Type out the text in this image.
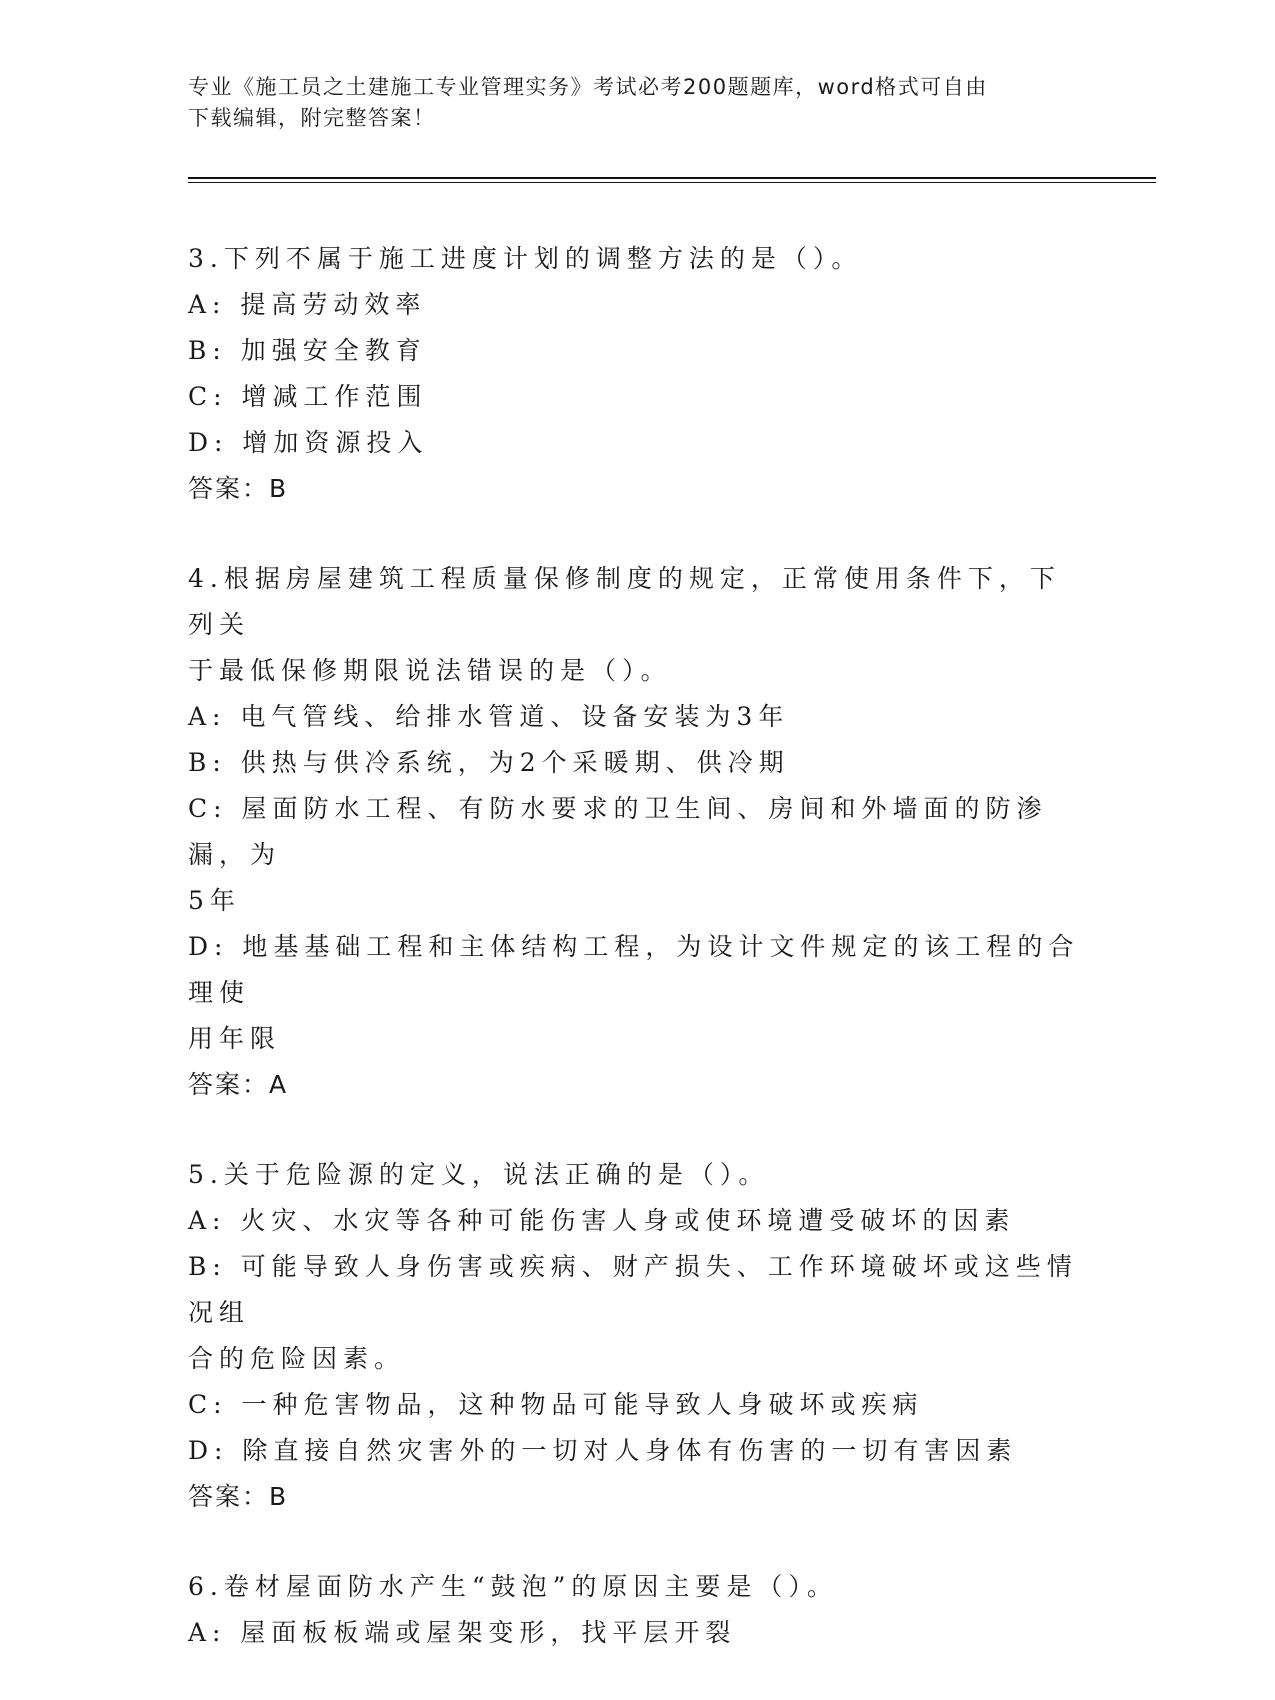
专业《施工员之土建施工专业管理实务》考试必考200题题库，word格式可自由
下载编辑，附完整答案！
3.下列不属于施工进度计划的调整方法的是（）。
A: 提高劳动效率
B: 加强安全教育
C: 增减工作范围
D: 增加资源投入
答案：B
4.根据房屋建筑工程质量保修制度的规定，正常使用条件下，下列关
于最低保修期限说法错误的是（）。
A: 电气管线、给排水管道、设备安装为3年
B: 供热与供冷系统，为2个采暖期、供冷期
C: 屋面防水工程、有防水要求的卫生间、房间和外墙面的防渗漏，为
5年
D: 地基基础工程和主体结构工程，为设计文件规定的该工程的合理使
用年限
答案：A
5.关于危险源的定义，说法正确的是（）。
A: 火灾、水灾等各种可能伤害人身或使环境遭受破坏的因素
B: 可能导致人身伤害或疾病、财产损失、工作环境破坏或这些情况组
合的危险因素。
C: 一种危害物品，这种物品可能导致人身破坏或疾病
D: 除直接自然灾害外的一切对人身体有伤害的一切有害因素
答案：B
6.卷材屋面防水产生“鼓泡”的原因主要是（）。
A: 屋面板板端或屋架变形，找平层开裂
